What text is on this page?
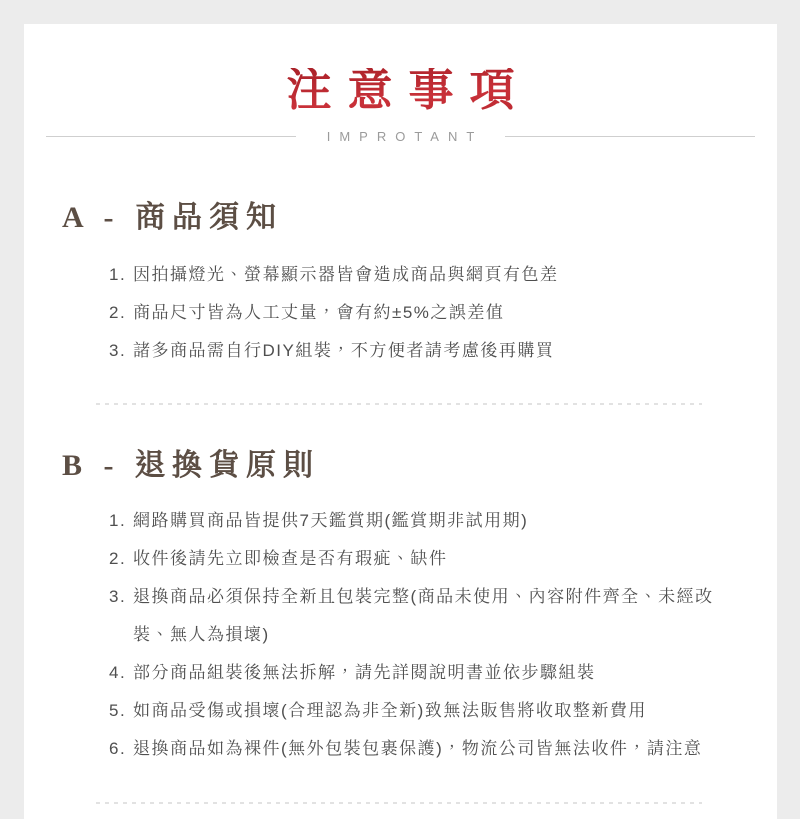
注意事項
IMPROTANT
A - 商品須知
1. 因拍攝燈光、螢幕顯示器皆會造成商品與網頁有色差
2. 商品尺寸皆為人工丈量，會有約±5%之誤差值
3. 諸多商品需自行DIY組裝，不方便者請考慮後再購買
B - 退換貨原則
1. 網路購買商品皆提供7天鑑賞期(鑑賞期非試用期)
2. 收件後請先立即檢查是否有瑕疵、缺件
3. 退換商品必須保持全新且包裝完整(商品未使用、內容附件齊全、未經改裝、無人為損壞)
4. 部分商品組裝後無法拆解，請先詳閱說明書並依步驟組裝
5. 如商品受傷或損壞(合理認為非全新)致無法販售將收取整新費用
6. 退換商品如為裸件(無外包裝包裹保護)，物流公司皆無法收件，請注意
